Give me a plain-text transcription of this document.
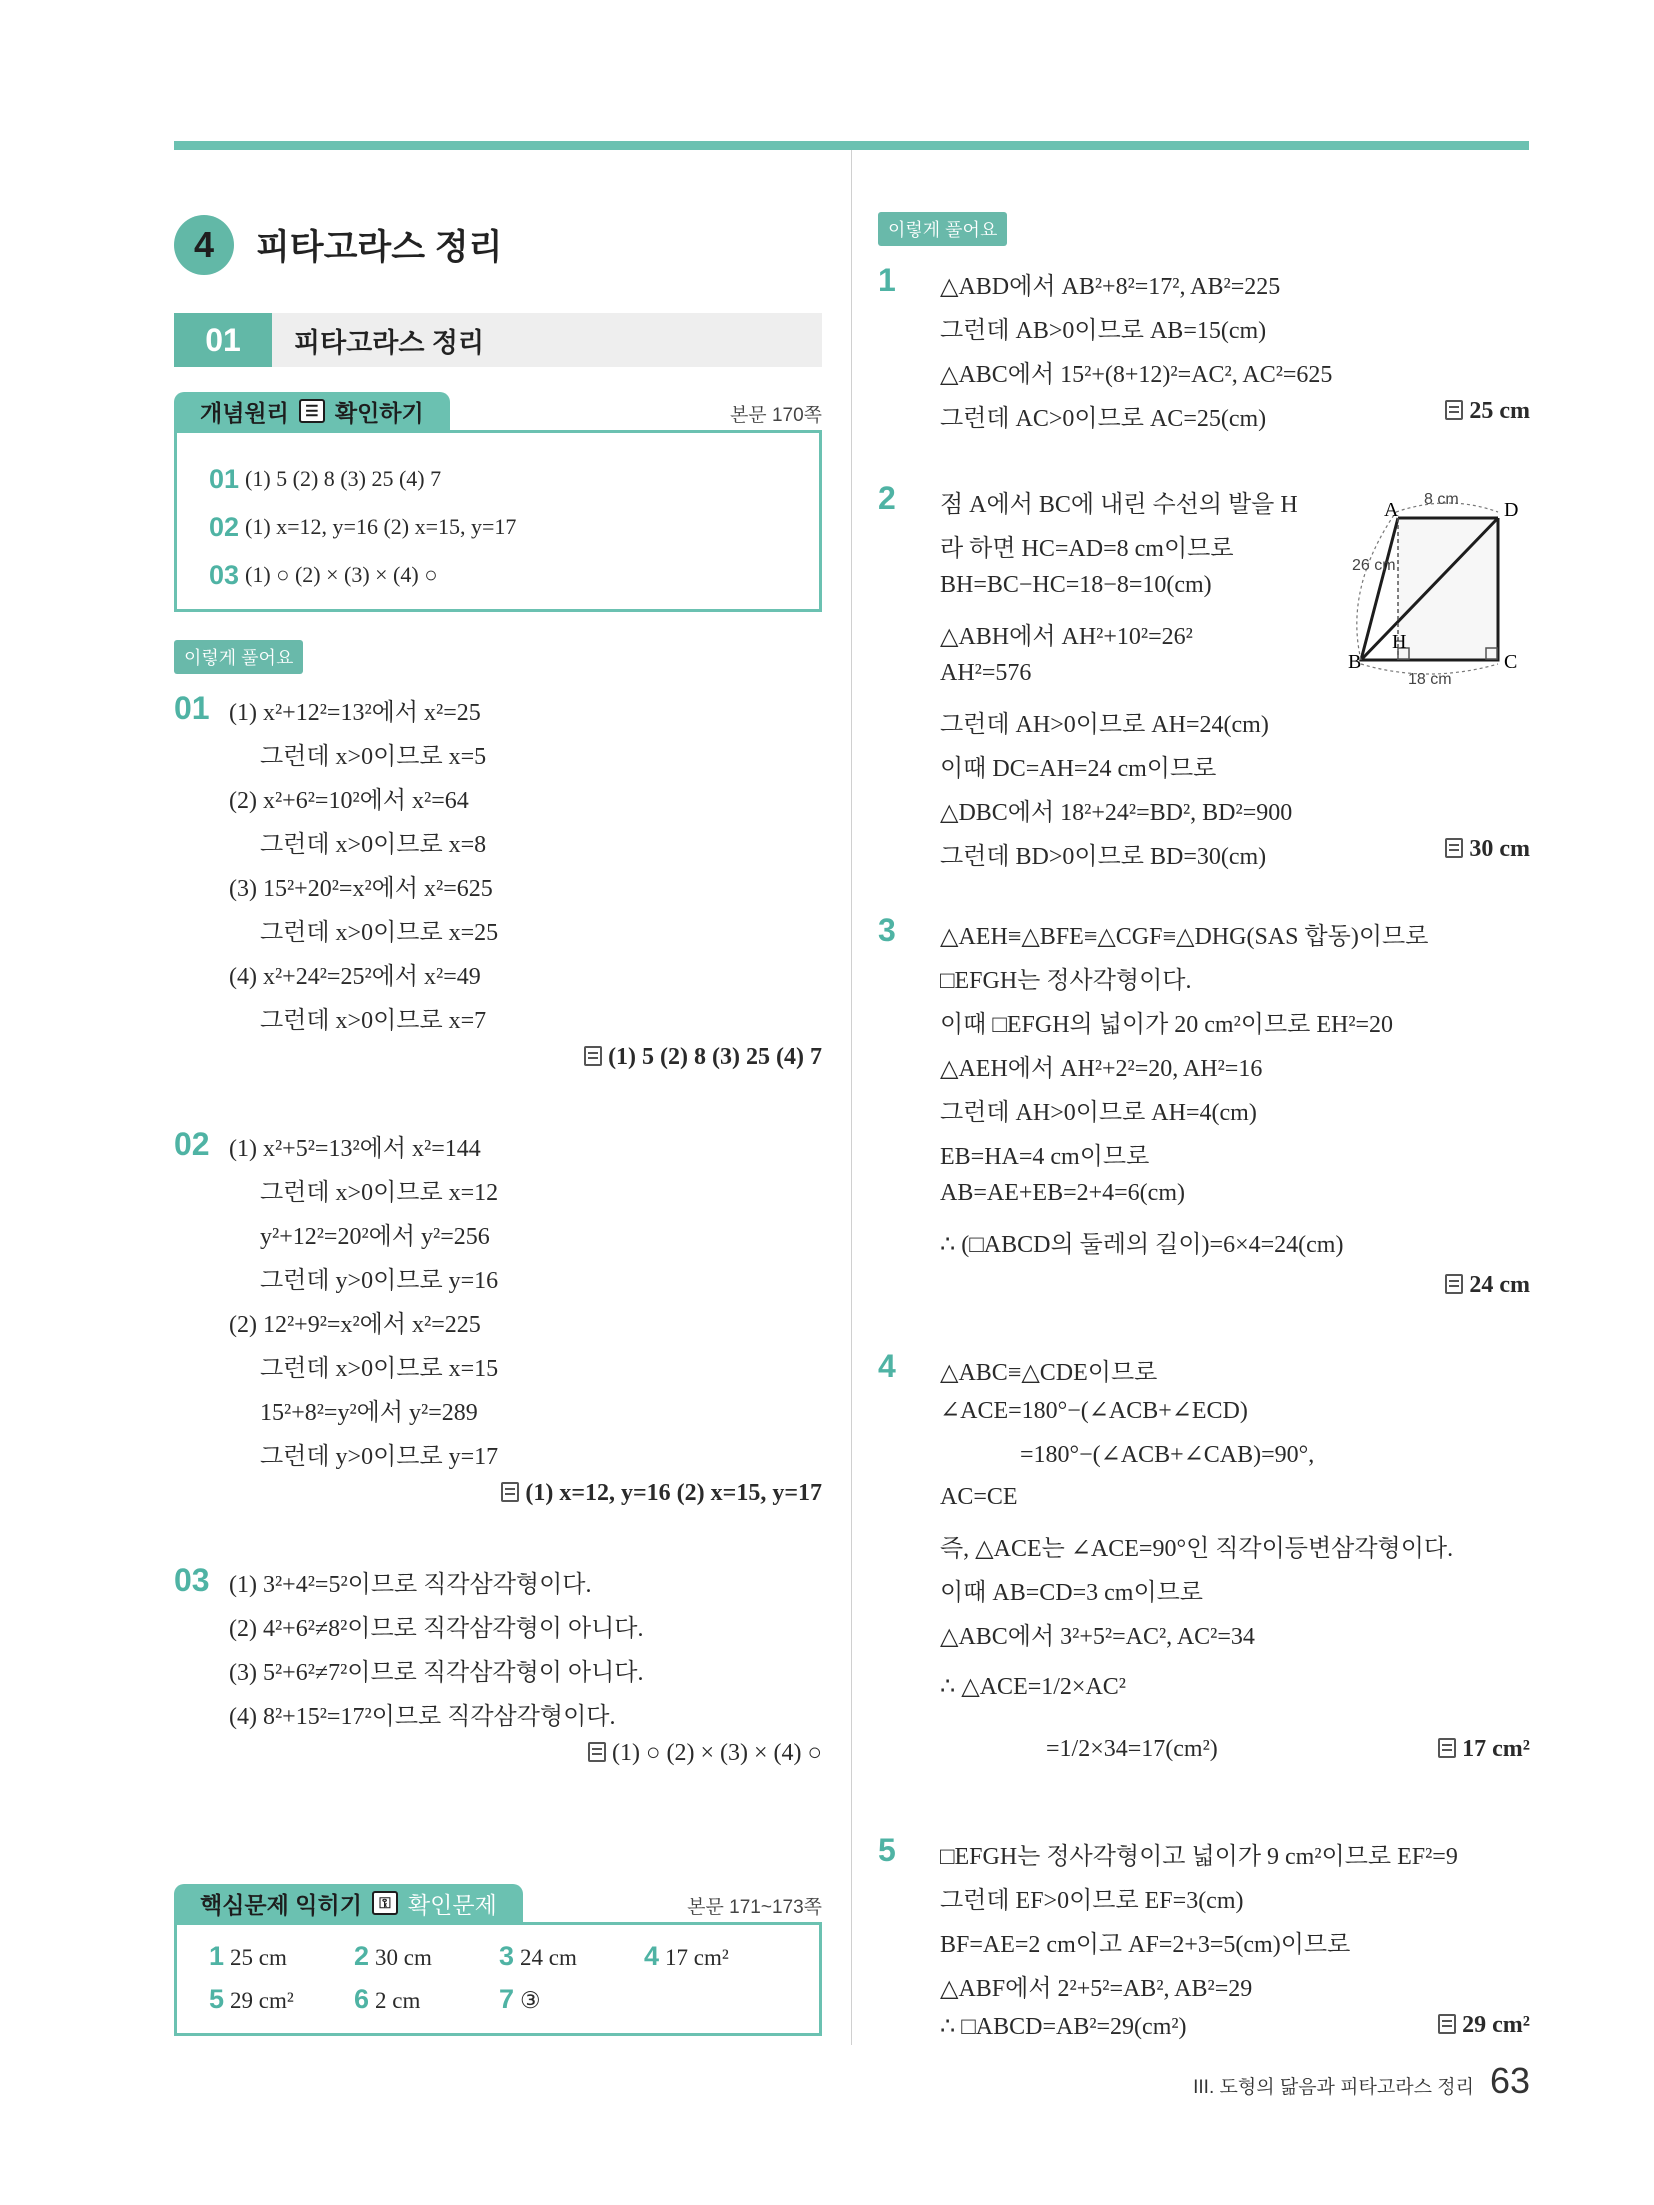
4	피타고라스 정리
01	피타고라스 정리
개념원리	☰ 확인하기	본문 170쪽
01 (1) 5 (2) 8 (3) 25 (4) 7
02 (1) x=12, y=16 (2) x=15, y=17
03 (1) ○ (2) × (3) × (4) ○
이렇게 풀어요
01 (1) x²+12²=13²에서 x²=25
그런데 x>0이므로 x=5
(2) x²+6²=10²에서 x²=64
그런데 x>0이므로 x=8
(3) 15²+20²=x²에서 x²=625
그런데 x>0이므로 x=25
(4) x²+24²=25²에서 x²=49
그런데 x>0이므로 x=7
(1) 5 (2) 8 (3) 25 (4) 7
02 (1) x²+5²=13²에서 x²=144
그런데 x>0이므로 x=12
y²+12²=20²에서 y²=256
그런데 y>0이므로 y=16
(2) 12²+9²=x²에서 x²=225
그런데 x>0이므로 x=15
15²+8²=y²에서 y²=289
그런데 y>0이므로 y=17
(1) x=12, y=16 (2) x=15, y=17
03 (1) 3²+4²=5²이므로 직각삼각형이다.
(2) 4²+6²≠8²이므로 직각삼각형이 아니다.
(3) 5²+6²≠7²이므로 직각삼각형이 아니다.
(4) 8²+15²=17²이므로 직각삼각형이다.
(1) ○ (2) × (3) × (4) ○
핵심문제 익히기	⚿ 확인문제	본문 171~173쪽
1 25 cm	2 30 cm	3 24 cm	4 17 cm²
5 29 cm²	6 2 cm	7 ③
이렇게 풀어요
1 △ABD에서 AB²+8²=17², AB²=225
그런데 AB>0이므로 AB=15(cm)
△ABC에서 15²+(8+12)²=AC², AC²=625
그런데 AC>0이므로 AC=25(cm)	25 cm
2 점 A에서 BC에 내린 수선의 발을 H
라 하면 HC=AD=8 cm이므로
BH=BC−HC=18−8=10(cm)
△ABH에서 AH²+10²=26²
AH²=576
그런데 AH>0이므로 AH=24(cm)
이때 DC=AH=24 cm이므로
△DBC에서 18²+24²=BD², BD²=900
그런데 BD>0이므로 BD=30(cm)	30 cm
A	D
B	C
H
8 cm
26 cm
18 cm
3 △AEH≡△BFE≡△CGF≡△DHG(SAS 합동)이므로
□EFGH는 정사각형이다.
이때 □EFGH의 넓이가 20 cm²이므로 EH²=20
△AEH에서 AH²+2²=20, AH²=16
그런데 AH>0이므로 AH=4(cm)
EB=HA=4 cm이므로
AB=AE+EB=2+4=6(cm)
∴ (□ABCD의 둘레의 길이)=6×4=24(cm)
24 cm
4 △ABC≡△CDE이므로
∠ACE=180°−(∠ACB+∠ECD)
=180°−(∠ACB+∠CAB)=90°,
AC=CE
즉, △ACE는 ∠ACE=90°인 직각이등변삼각형이다.
이때 AB=CD=3 cm이므로
△ABC에서 3²+5²=AC², AC²=34
∴ △ACE=1/2×AC²
=1/2×34=17(cm²)	17 cm²
5 □EFGH는 정사각형이고 넓이가 9 cm²이므로 EF²=9
그런데 EF>0이므로 EF=3(cm)
BF=AE=2 cm이고 AF=2+3=5(cm)이므로
△ABF에서 2²+5²=AB², AB²=29
∴ □ABCD=AB²=29(cm²)	29 cm²
III. 도형의 닮음과 피타고라스 정리 63
